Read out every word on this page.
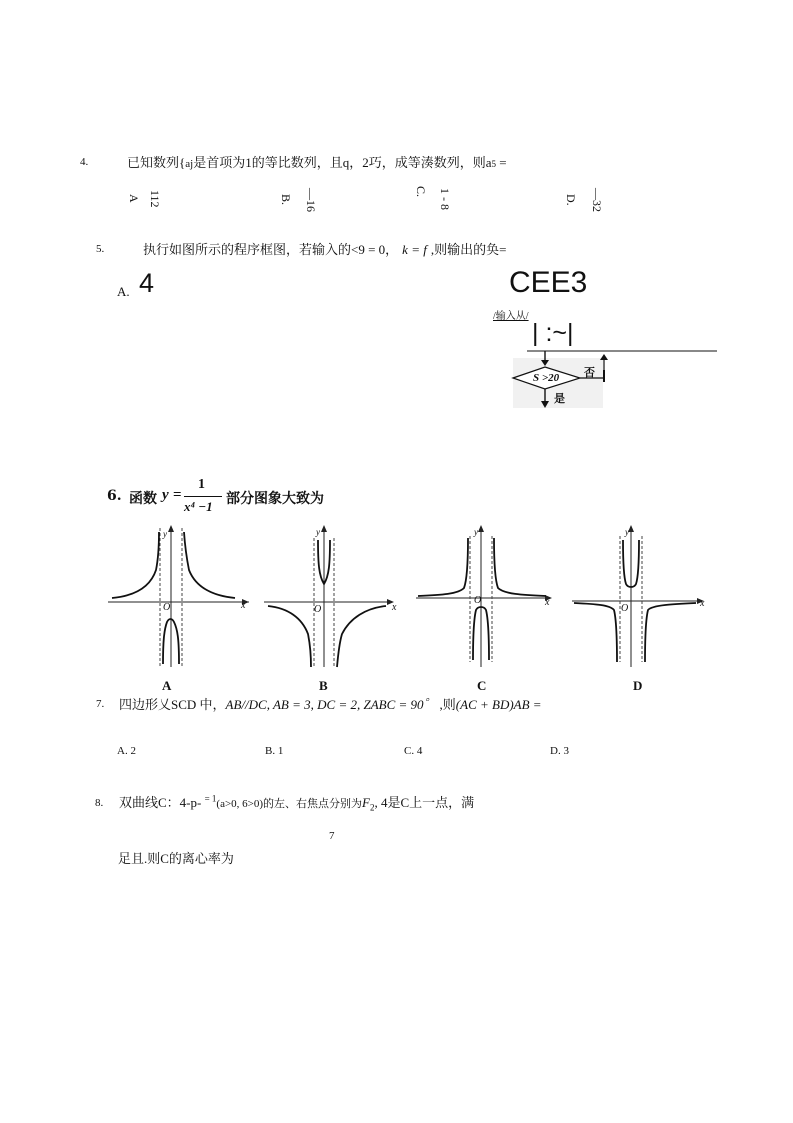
4.	已知数列{aj是首项为1的等比数列，且q，2巧，成等湊数列，则a5 =
A 112	B. —16	C. 1 - 8	D. —32
5.	执行如图所示的程序框图，若输入的<9 = 0， k = f ,则输出的奂=
A. 4	CEE3
/输入从/
| :~|
S >20 否
是
6. 函数 y =
1
x⁴ −1 部分图象大致为
y
x
O
A
y
x
O
B
y
x
O
C
y
x
O
D
7. 四边形乂SCD 中，AB//DC, AB = 3, DC = 2, ZABC = 90゜ ,则(AC + BD)AB =
A. 2	B. 1	C. 4	D. 3
8. 双曲线C：4-p- $^{= 1}$(a>0, 6>0)的左、右焦点分别为$F_2$, 4是C上一点，满
7
足且.则C的离心率为
